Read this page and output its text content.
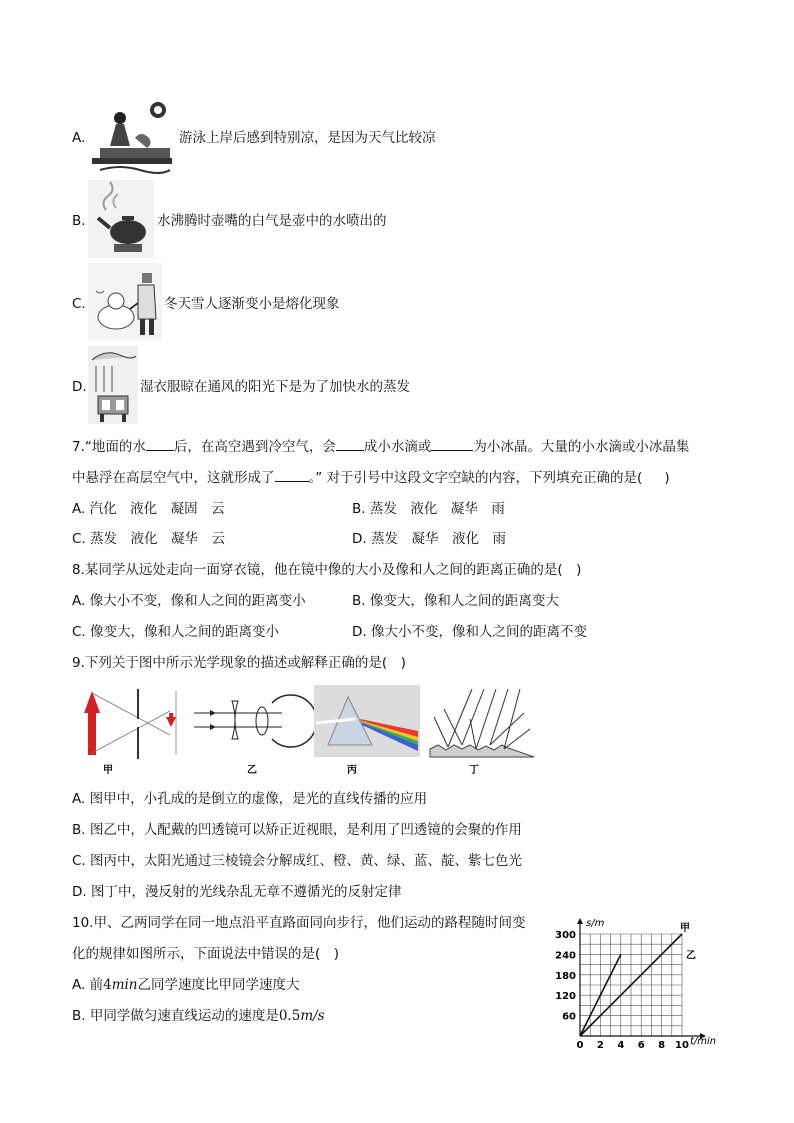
A.	游泳上岸后感到特别凉，是因为天气比较凉
B.	水沸腾时壶嘴的白气是壶中的水喷出的
C.	冬天雪人逐渐变小是熔化现象
D.	湿衣服晾在通风的阳光下是为了加快水的蒸发
7.“地面的水 后，在高空遇到冷空气，会 成小水滴或	为小冰晶。大量的小水滴或小冰晶集
中悬浮在高层空气中，这就形成了	。” 对于引号中这段文字空缺的内容，下列填充正确的是( )
A. 汽化　液化　凝固　云	B. 蒸发　液化　凝华　雨
C. 蒸发　液化　凝华　云	D. 蒸发　凝华　液化　雨
8.某同学从远处走向一面穿衣镜，他在镜中像的大小及像和人之间的距离正确的是(　)
A. 像大小不变，像和人之间的距离变小	B. 像变大，像和人之间的距离变大
C. 像变大，像和人之间的距离变小	D. 像大小不变，像和人之间的距离不变
9.下列关于图中所示光学现象的描述或解释正确的是(　)
甲	乙	丙	丁
A. 图甲中，小孔成的是倒立的虚像，是光的直线传播的应用
B. 图乙中，人配戴的凹透镜可以矫正近视眼，是利用了凹透镜的会聚的作用
C. 图丙中，太阳光通过三棱镜会分解成红、橙、黄、绿、蓝、靛、紫七色光
D. 图丁中，漫反射的光线杂乱无章不遵循光的反射定律
10.甲、乙两同学在同一地点沿平直路面同向步行，他们运动的路程随时间变
化的规律如图所示，下面说法中错误的是(　)
A. 前4min乙同学速度比甲同学速度大
B. 甲同学做匀速直线运动的速度是0.5m/s
t/min
s/m
0 2 4 6 8 10
60
120
180
240
300
甲
乙
